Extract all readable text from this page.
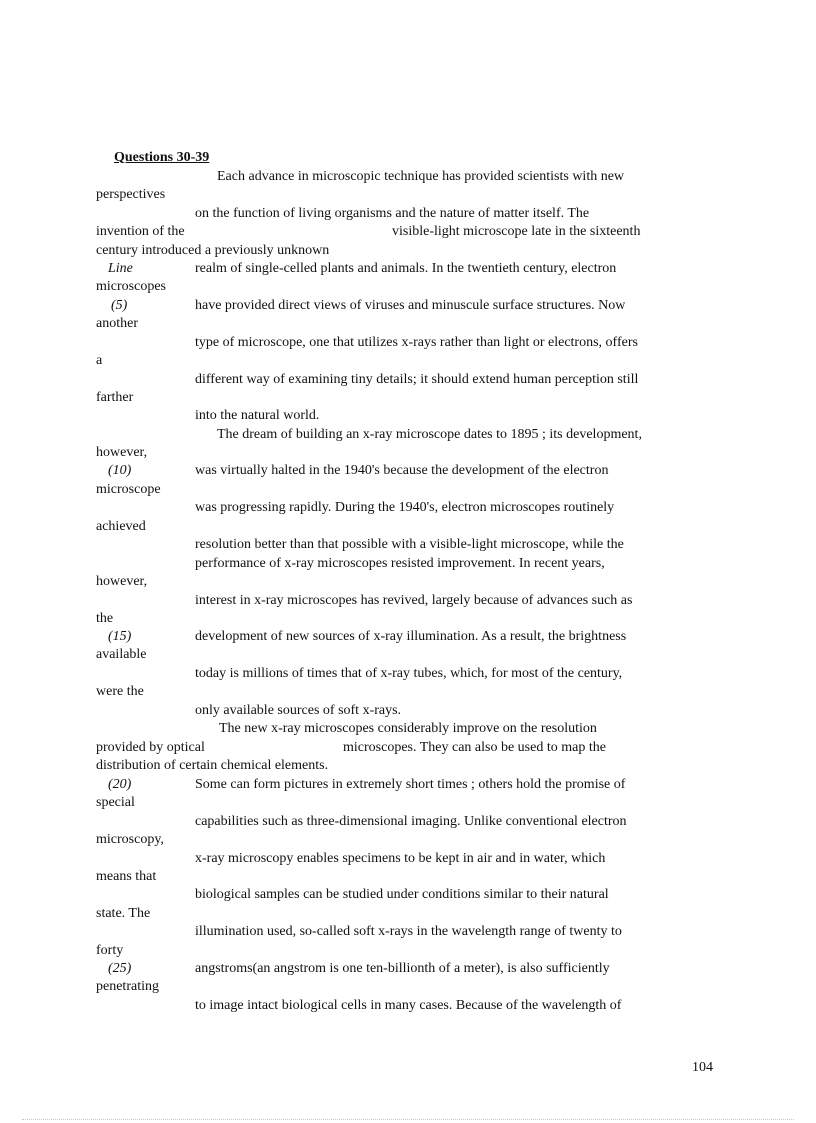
Questions 30-39
Each advance in microscopic technique has provided scientists with new
perspectives
on the function of living organisms and the nature of matter itself. The
invention of the	visible-light microscope late in the sixteenth
century introduced a previously unknown
Line	realm of single-celled plants and animals. In the twentieth century, electron
microscopes
(5)	have provided direct views of viruses and minuscule surface structures. Now
another
type of microscope, one that utilizes x-rays rather than light or electrons, offers
a
different way of examining tiny details; it should extend human perception still
farther
into the natural world.
The dream of building an x-ray microscope dates to 1895 ; its development,
however,
(10)	was virtually halted in the 1940's because the development of the electron
microscope
was progressing rapidly. During the 1940's, electron microscopes routinely
achieved
resolution better than that possible with a visible-light microscope, while the
performance of x-ray microscopes resisted improvement. In recent years,
however,
interest in x-ray microscopes has revived, largely because of advances such as
the
(15)	development of new sources of x-ray illumination. As a result, the brightness
available
today is millions of times that of x-ray tubes, which, for most of the century,
were the
only available sources of soft x-rays.
The new x-ray microscopes considerably improve on the resolution
provided by optical	microscopes. They can also be used to map the
distribution of certain chemical elements.
(20)	Some can form pictures in extremely short times ; others hold the promise of
special
capabilities such as three-dimensional imaging. Unlike conventional electron
microscopy,
x-ray microscopy enables specimens to be kept in air and in water, which
means that
biological samples can be studied under conditions similar to their natural
state. The
illumination used, so-called soft x-rays in the wavelength range of twenty to
forty
(25)	angstroms(an angstrom is one ten-billionth of a meter), is also sufficiently
penetrating
to image intact biological cells in many cases. Because of the wavelength of
104
